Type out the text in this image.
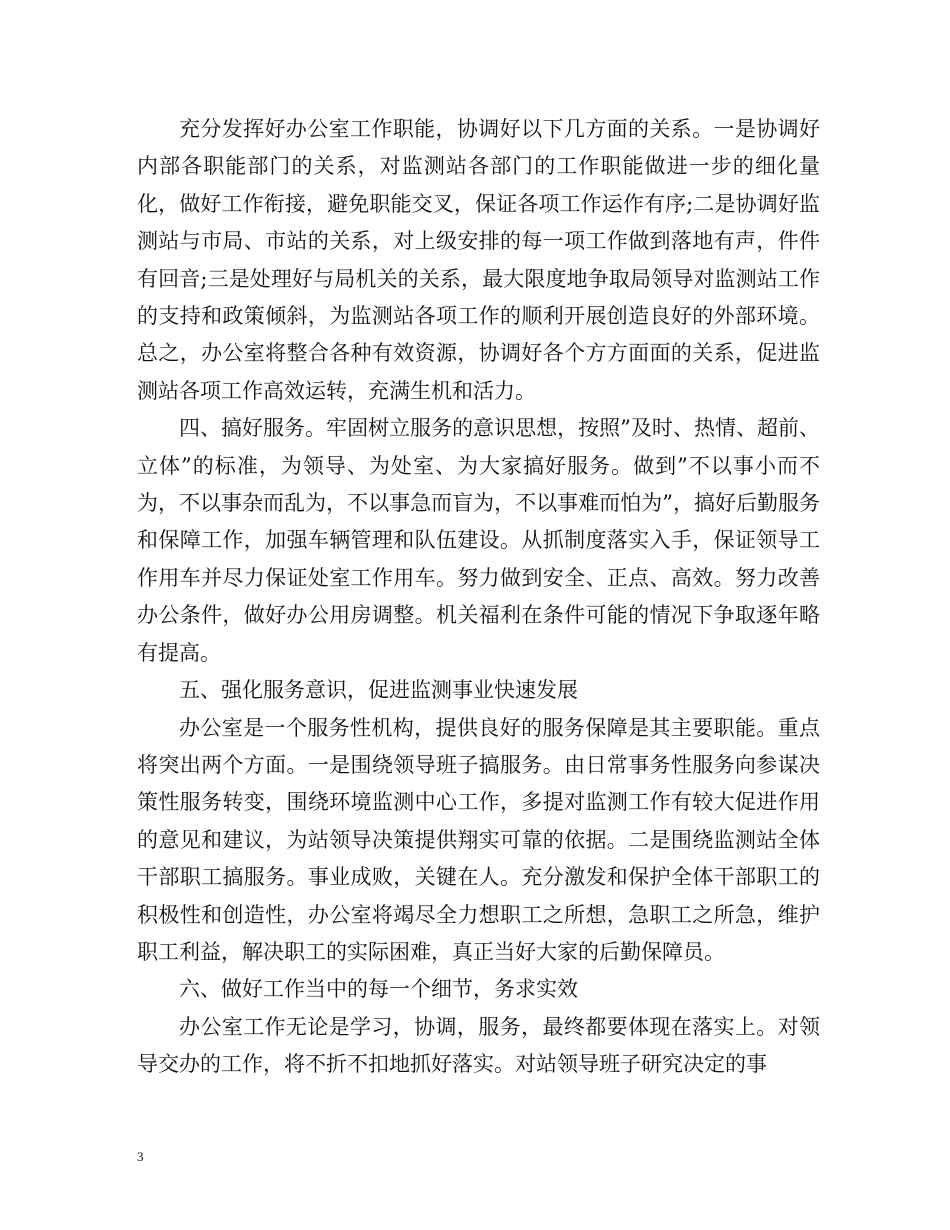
充分发挥好办公室工作职能，协调好以下几方面的关系。一是协调好内部各职能部门的关系，对监测站各部门的工作职能做进一步的细化量化，做好工作衔接，避免职能交叉，保证各项工作运作有序;二是协调好监测站与市局、市站的关系，对上级安排的每一项工作做到落地有声，件件有回音;三是处理好与局机关的关系，最大限度地争取局领导对监测站工作的支持和政策倾斜，为监测站各项工作的顺利开展创造良好的外部环境。总之，办公室将整合各种有效资源，协调好各个方方面面的关系，促进监测站各项工作高效运转，充满生机和活力。

四、搞好服务。牢固树立服务的意识思想，按照”及时、热情、超前、立体”的标准，为领导、为处室、为大家搞好服务。做到”不以事小而不为，不以事杂而乱为，不以事急而盲为，不以事难而怕为”，搞好后勤服务和保障工作，加强车辆管理和队伍建设。从抓制度落实入手，保证领导工作用车并尽力保证处室工作用车。努力做到安全、正点、高效。努力改善办公条件，做好办公用房调整。机关福利在条件可能的情况下争取逐年略有提高。

五、强化服务意识，促进监测事业快速发展

办公室是一个服务性机构，提供良好的服务保障是其主要职能。重点将突出两个方面。一是围绕领导班子搞服务。由日常事务性服务向参谋决策性服务转变，围绕环境监测中心工作，多提对监测工作有较大促进作用的意见和建议，为站领导决策提供翔实可靠的依据。二是围绕监测站全体干部职工搞服务。事业成败，关键在人。充分激发和保护全体干部职工的积极性和创造性，办公室将竭尽全力想职工之所想，急职工之所急，维护职工利益，解决职工的实际困难，真正当好大家的后勤保障员。

六、做好工作当中的每一个细节，务求实效

办公室工作无论是学习，协调，服务，最终都要体现在落实上。对领导交办的工作，将不折不扣地抓好落实。对站领导班子研究决定的事

3
